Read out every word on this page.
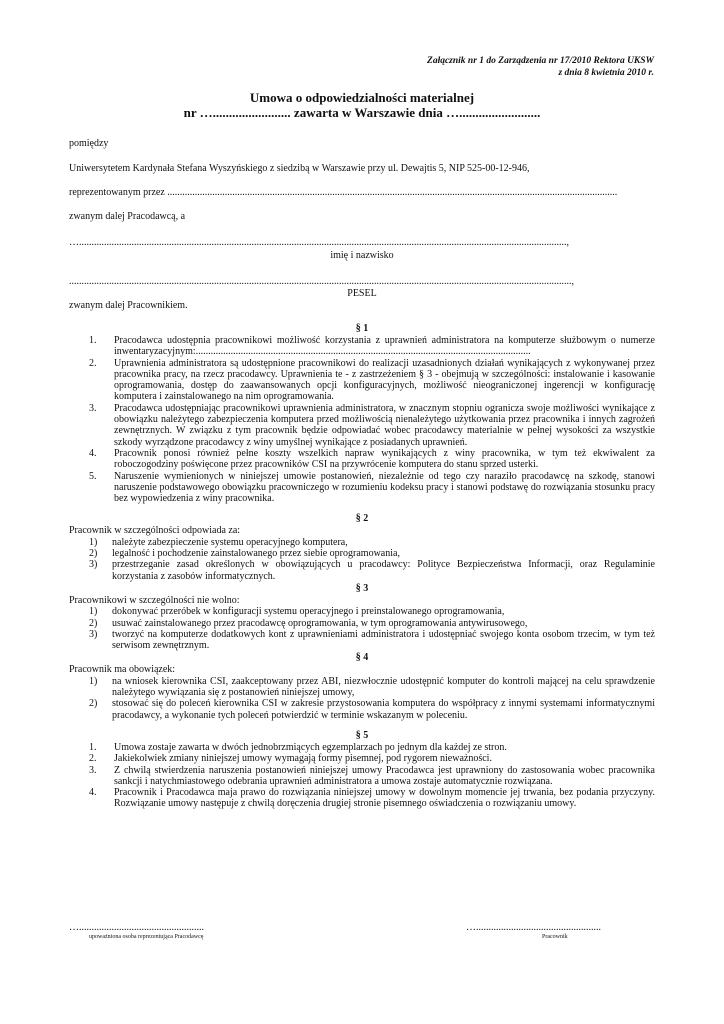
Załącznik nr 1 do Zarządzenia nr 17/2010 Rektora UKSW
z dnia 8 kwietnia 2010 r.
Umowa o odpowiedzialności materialnej
nr …........................ zawarta w Warszawie dnia ….........................
pomiędzy
Uniwersytetem Kardynała Stefana Wyszyńskiego z siedzibą w Warszawie przy ul. Dewajtis 5, NIP 525-00-12-946,
reprezentowanym przez ....................................................................................................................................................................................
zwanym dalej Pracodawcą, a
…...................................................................................................................................................................................................,
imię i nazwisko
.........................................................................................................................................................................................................,
PESEL
zwanym dalej Pracownikiem.
§ 1
1. Pracodawca udostępnia pracownikowi możliwość korzystania z uprawnień administratora na komputerze służbowym o numerze inwentaryzacyjnym:......................................................................................................................................
2. Uprawnienia administratora są udostępnione pracownikowi do realizacji uzasadnionych działań wynikających z wykonywanej przez pracownika pracy, na rzecz pracodawcy. Uprawnienia te - z zastrzeżeniem § 3 - obejmują w szczególności: instalowanie i kasowanie oprogramowania, dostęp do zaawansowanych opcji konfiguracyjnych, możliwość nieograniczonej ingerencji w konfigurację komputera i zainstalowanego na nim oprogramowania.
3. Pracodawca udostępniając pracownikowi uprawnienia administratora, w znacznym stopniu ogranicza swoje możliwości wynikające z obowiązku należytego zabezpieczenia komputera przed możliwością nienależytego użytkowania przez pracownika i innych zagrożeń zewnętrznych. W związku z tym pracownik będzie odpowiadać wobec pracodawcy materialnie w pełnej wysokości za wszystkie szkody wyrządzone pracodawcy z winy umyślnej wynikające z posiadanych uprawnień.
4. Pracownik ponosi również pełne koszty wszelkich napraw wynikających z winy pracownika, w tym też ekwiwalent za roboczogodziny poświęcone przez pracowników CSI na przywrócenie komputera do stanu sprzed usterki.
5. Naruszenie wymienionych w niniejszej umowie postanowień, niezależnie od tego czy naraziło pracodawcę na szkodę, stanowi naruszenie podstawowego obowiązku pracowniczego w rozumieniu kodeksu pracy i stanowi podstawę do rozwiązania stosunku pracy bez wypowiedzenia z winy pracownika.
§ 2
Pracownik w szczególności odpowiada za:
1) należyte zabezpieczenie systemu operacyjnego komputera,
2) legalność i pochodzenie zainstalowanego przez siebie oprogramowania,
3) przestrzeganie zasad określonych w obowiązujących u pracodawcy: Polityce Bezpieczeństwa Informacji, oraz Regulaminie korzystania z zasobów informatycznych.
§ 3
Pracownikowi w szczególności nie wolno:
1) dokonywać przeróbek w konfiguracji systemu operacyjnego i preinstalowanego oprogramowania,
2) usuwać zainstalowanego przez pracodawcę oprogramowania, w tym oprogramowania antywirusowego,
3) tworzyć na komputerze dodatkowych kont z uprawnieniami administratora i udostępniać swojego konta osobom trzecim, w tym też serwisom zewnętrznym.
§ 4
Pracownik ma obowiązek:
1) na wniosek kierownika CSI, zaakceptowany przez ABI, niezwłocznie udostępnić komputer do kontroli mającej na celu sprawdzenie należytego wywiązania się z postanowień niniejszej umowy,
2) stosować się do poleceń kierownika CSI w zakresie przystosowania komputera do współpracy z innymi systemami informatycznymi pracodawcy, a wykonanie tych poleceń potwierdzić w terminie wskazanym w poleceniu.
§ 5
1. Umowa zostaje zawarta w dwóch jednobrzmiących egzemplarzach po jednym dla każdej ze stron.
2. Jakiekolwiek zmiany niniejszej umowy wymagają formy pisemnej, pod rygorem nieważności.
3. Z chwilą stwierdzenia naruszenia postanowień niniejszej umowy Pracodawca jest uprawniony do zastosowania wobec pracownika sankcji i natychmiastowego odebrania uprawnień administratora a umowa zostaje automatycznie rozwiązana.
4. Pracownik i Pracodawca maja prawo do rozwiązania niniejszej umowy w dowolnym momencie jej trwania, bez podania przyczyny. Rozwiązanie umowy następuje z chwilą doręczenia drugiej stronie pisemnego oświadczenia o rozwiązaniu umowy.
…..................................................
upoważniona osoba reprezentująca Pracodawcę
…..................................................
Pracownik
